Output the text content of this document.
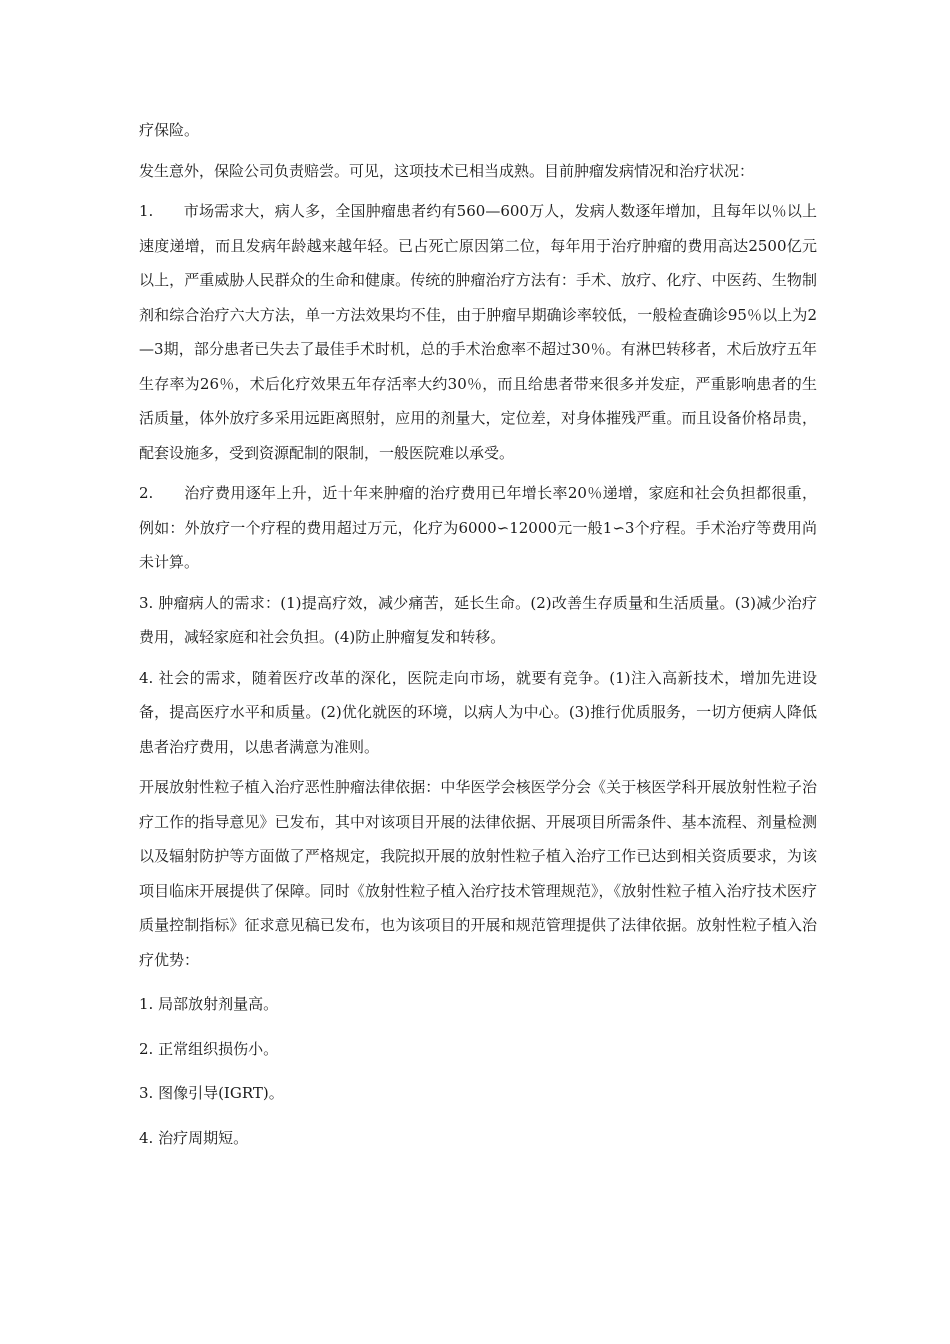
疗保险。

发生意外，保险公司负责赔尝。可见，这项技术已相当成熟。目前肿瘤发病情况和治疗状况：

1.　　市场需求大，病人多，全国肿瘤患者约有560—600万人，发病人数逐年增加，且每年以％以上速度递增，而且发病年龄越来越年轻。已占死亡原因第二位，每年用于治疗肿瘤的费用高达2500亿元以上，严重威胁人民群众的生命和健康。传统的肿瘤治疗方法有：手术、放疗、化疗、中医药、生物制剂和综合治疗六大方法，单一方法效果均不佳，由于肿瘤早期确诊率较低，一般检查确诊95％以上为2—3期，部分患者已失去了最佳手术时机，总的手术治愈率不超过30％。有淋巴转移者，术后放疗五年生存率为26％，术后化疗效果五年存活率大约30％，而且给患者带来很多并发症，严重影响患者的生活质量，体外放疗多采用远距离照射，应用的剂量大，定位差，对身体摧残严重。而且设备价格昂贵，配套设施多，受到资源配制的限制，一般医院难以承受。

2.　　治疗费用逐年上升，近十年来肿瘤的治疗费用已年增长率20％递增，家庭和社会负担都很重，例如：外放疗一个疗程的费用超过万元，化疗为6000∽12000元一般1∽3个疗程。手术治疗等费用尚未计算。

3. 肿瘤病人的需求：(1)提高疗效，减少痛苦，延长生命。(2)改善生存质量和生活质量。(3)减少治疗费用，减轻家庭和社会负担。(4)防止肿瘤复发和转移。

4. 社会的需求，随着医疗改革的深化，医院走向市场，就要有竞争。(1)注入高新技术，增加先进设备，提高医疗水平和质量。(2)优化就医的环境，以病人为中心。(3)推行优质服务，一切方便病人降低患者治疗费用，以患者满意为准则。

开展放射性粒子植入治疗恶性肿瘤法律依据：中华医学会核医学分会《关于核医学科开展放射性粒子治疗工作的指导意见》已发布，其中对该项目开展的法律依据、开展项目所需条件、基本流程、剂量检测以及辐射防护等方面做了严格规定，我院拟开展的放射性粒子植入治疗工作已达到相关资质要求，为该项目临床开展提供了保障。同时《放射性粒子植入治疗技术管理规范》，《放射性粒子植入治疗技术医疗质量控制指标》征求意见稿已发布，也为该项目的开展和规范管理提供了法律依据。放射性粒子植入治疗优势：

1. 局部放射剂量高。

2. 正常组织损伤小。

3. 图像引导(IGRT)。

4. 治疗周期短。
